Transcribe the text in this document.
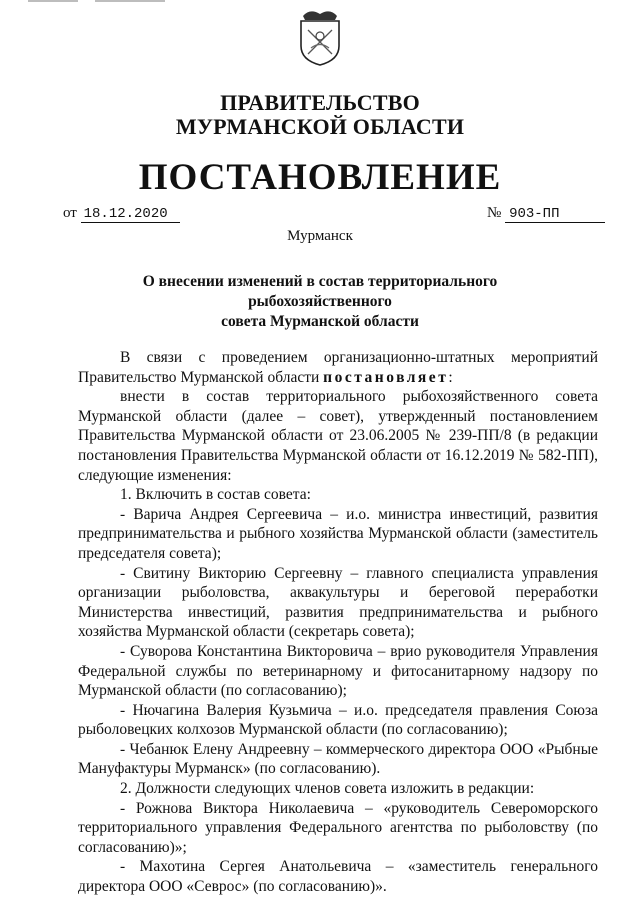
ПРАВИТЕЛЬСТВО
МУРМАНСКОЙ ОБЛАСТИ
ПОСТАНОВЛЕНИЕ
от 18.12.2020	№ 903-ПП
Мурманск
О внесении изменений в состав территориального рыбохозяйственного
совета Мурманской области

В связи с проведением организационно-штатных мероприятий Правительство Мурманской области постановляет:

внести в состав территориального рыбохозяйственного совета Мурманской области (далее – совет), утвержденный постановлением Правительства Мурманской области от 23.06.2005 № 239-ПП/8 (в редакции постановления Правительства Мурманской области от 16.12.2019 № 582-ПП), следующие изменения:

1. Включить в состав совета:

- Варича Андрея Сергеевича – и.о. министра инвестиций, развития предпринимательства и рыбного хозяйства Мурманской области (заместитель председателя совета);

- Свитину Викторию Сергеевну – главного специалиста управления организации рыболовства, аквакультуры и береговой переработки Министерства инвестиций, развития предпринимательства и рыбного хозяйства Мурманской области (секретарь совета);

- Суворова Константина Викторовича – врио руководителя Управления Федеральной службы по ветеринарному и фитосанитарному надзору по Мурманской области (по согласованию);

- Нючагина Валерия Кузьмича – и.о. председателя правления Союза рыболовецких колхозов Мурманской области (по согласованию);

- Чебанюк Елену Андреевну – коммерческого директора ООО «Рыбные Мануфактуры Мурманск» (по согласованию).

2. Должности следующих членов совета изложить в редакции:

- Рожнова Виктора Николаевича – «руководитель Североморского территориального управления Федерального агентства по рыболовству (по согласованию)»;

- Махотина Сергея Анатольевича – «заместитель генерального директора ООО «Севрос» (по согласованию)».
